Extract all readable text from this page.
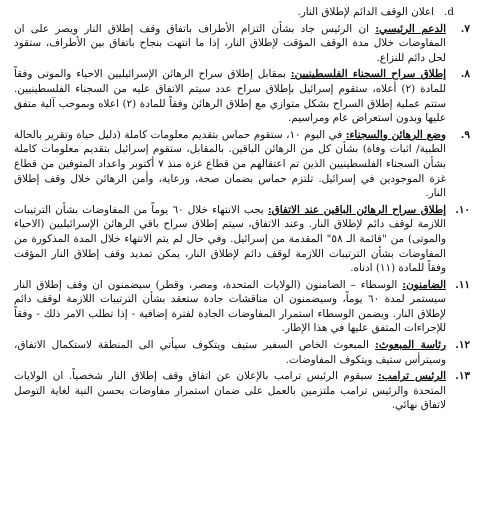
d.
اعلان الوقف الدائم لإطلاق النار.
٧.
الدعم الرئيسي: ان الرئيس جاد بشأن التزام الأطراف باتفاق وقف إطلاق النار ويصر على ان المفاوضات خلال مدة الوقف المؤقت لإطلاق النار، إذا ما انتهت بنجاح باتفاق بين الأطراف، ستقود لحل دائم للنزاع.
٨.
إطلاق سراح السجناء الفلسطينيين: بمقابل إطلاق سراح الرهائن الإسرائيليين الاحياء والموتى وفقاً للمادة (٢) أعلاه، ستقوم إسرائيل بإطلاق سراح عدد سيتم الاتفاق عليه من السجناء الفلسطينيين. ستتم عملية إطلاق السراح بشكل متوازي مع إطلاق الرهائن وفقاً للمادة (٢) اعلاه وبموجب آلية متفق عليها وبدون استعراض عام ومراسيم.
٩.
وضع الرهائن والسجناء: في اليوم ١٠، ستقوم حماس بتقديم معلومات كاملة (دليل حياة وتقرير بالحالة الطبية/ اثبات وفاة) بشأن كل من الرهائن الباقين. بالمقابل، ستقوم إسرائيل بتقديم معلومات كاملة بشأن السجناء الفلسطينيين الذين تم اعتقالهم من قطاع غزة منذ ٧ أكتوبر واعداد المتوفين من قطاع غزة الموجودين في إسرائيل. تلتزم حماس بضمان صحة، ورعاية، وأمن الرهائن خلال وقف إطلاق النار.
١٠.
إطلاق سراح الرهائن الباقين عند الاتفاق: يجب الانتهاء خلال ٦٠ يوماً من المفاوضات بشأن الترتيبات اللازمة لوقف دائم لإطلاق النار. وعند الاتفاق، سيتم إطلاق سراح باقي الرهائن الإسرائيليين (الاحياء والموتى) من "قائمة الـ ٥٨" المقدمة من إسرائيل. وفي حال لم يتم الانتهاء خلال المدة المذكورة من المفاوضات بشأن الترتيبات اللازمة لوقف دائم لإطلاق النار، يمكن تمديد وقف إطلاق النار المؤقت وفقاً للمادة (١١) ادناه.
١١.
الضامنون: الوسطاء – الضامنون (الولايات المتحدة، ومصر، وقطر) سيضمنون ان وقف إطلاق النار سيستمر لمدة ٦٠ يوماً، وسيضمنون ان مناقشات جادة ستعقد بشأن الترتيبات اللازمة لوقف دائم لإطلاق النار. ويضمن الوسطاء استمرار المفاوضات الجادة لفترة إضافية - إذا تطلب الامر ذلك - وفقاً للإجراءات المتفق عليها في هذا الإطار.
١٢.
رئاسة المبعوث: المبعوث الخاص السفير ستيف ويتكوف سيأتي الى المنطقة لاستكمال الاتفاق، وسيترأس ستيف ويتكوف المفاوضات.
١٣.
الرئيس ترامب: سيقوم الرئيس ترامب بالإعلان عن اتفاق وقف إطلاق النار شخصياً. ان الولايات المتحدة والرئيس ترامب ملتزمين بالعمل على ضمان استمرار مفاوضات بحسن النية لغاية التوصل لاتفاق نهائي.
